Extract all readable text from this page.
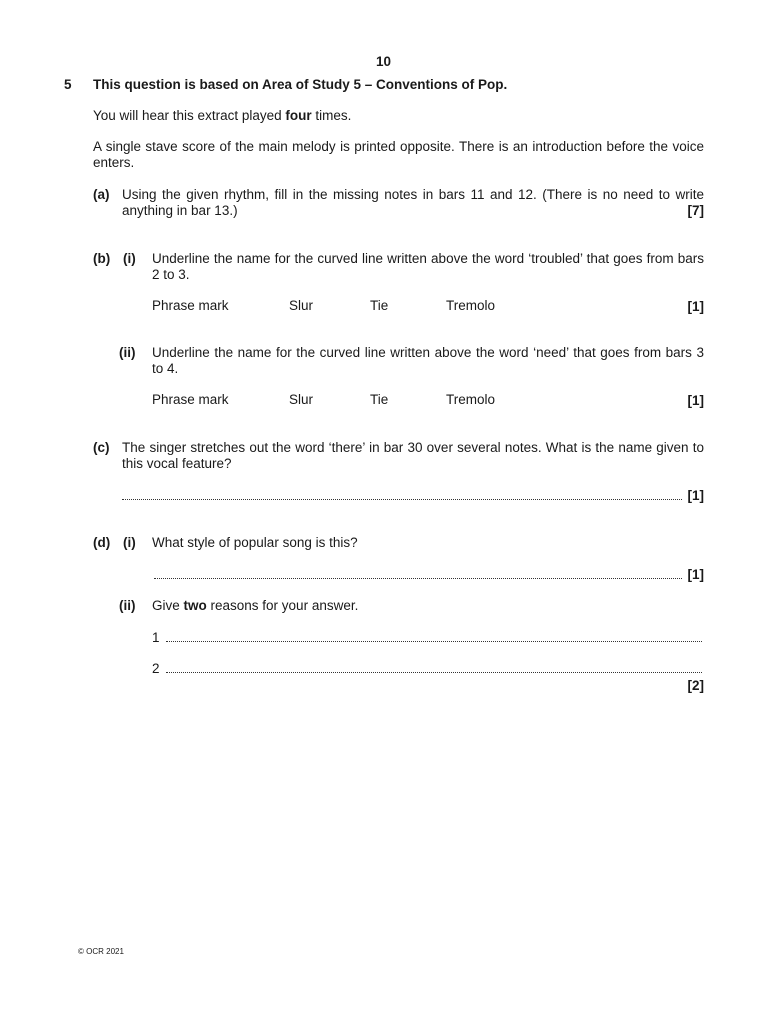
10
5 This question is based on Area of Study 5 – Conventions of Pop.
You will hear this extract played four times.
A single stave score of the main melody is printed opposite. There is an introduction before the voice enters.
(a) Using the given rhythm, fill in the missing notes in bars 11 and 12. (There is no need to write anything in bar 13.)	[7]
(b) (i) Underline the name for the curved line written above the word ‘troubled’ that goes from bars 2 to 3.
Phrase mark	Slur	Tie	Tremolo	[1]
(ii) Underline the name for the curved line written above the word ‘need’ that goes from bars 3 to 4.
Phrase mark	Slur	Tie	Tremolo	[1]
(c) The singer stretches out the word ‘there’ in bar 30 over several notes. What is the name given to this vocal feature?
[1]
(d) (i) What style of popular song is this?
[1]
(ii) Give two reasons for your answer.
1
2
[2]
© OCR 2021
